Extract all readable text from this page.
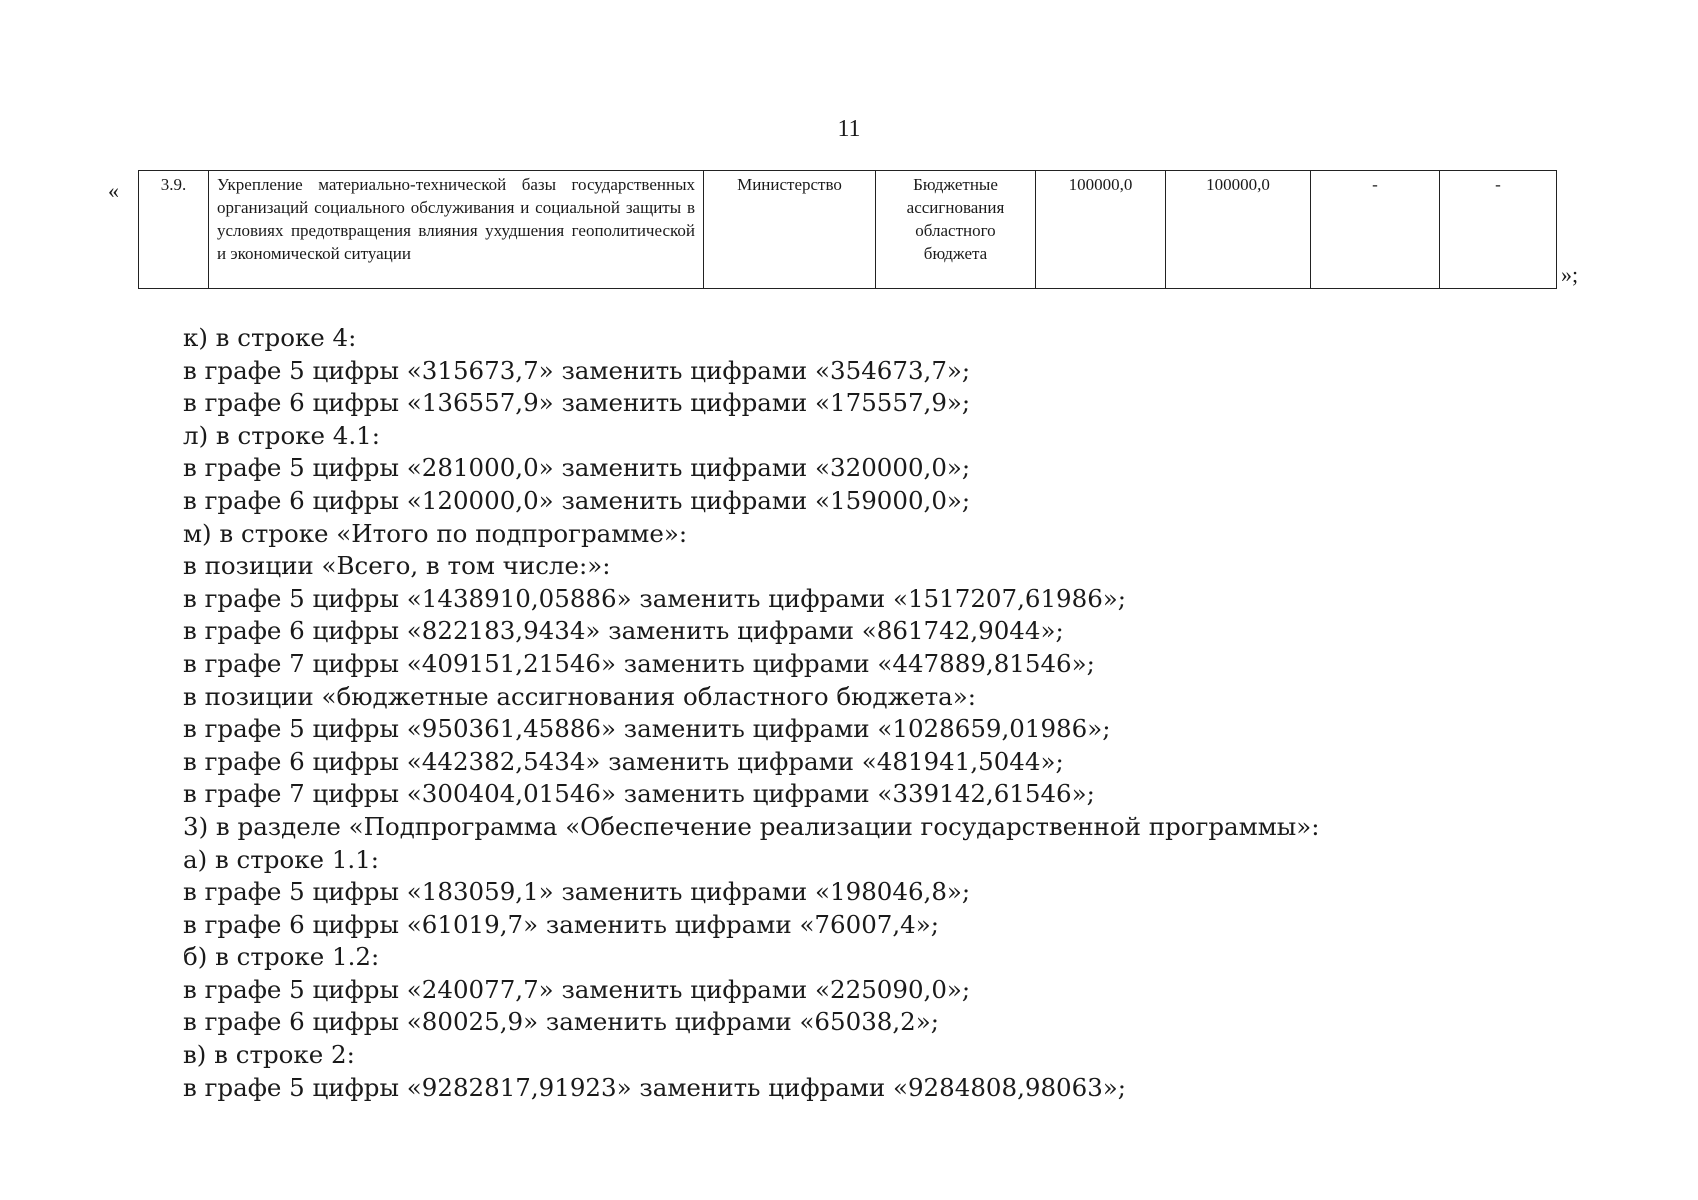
11
« 3.9.	Укрепление материально-технической базы государственных организаций социального обслуживания и социальной защиты в условиях предотвращения влияния ухудшения геополитической и экономической ситуации	Министерство	Бюджетные ассигнования областного бюджета	100000,0	100000,0	-	-
»;
к) в строке 4:
в графе 5 цифры «315673,7» заменить цифрами «354673,7»;
в графе 6 цифры «136557,9» заменить цифрами «175557,9»;
л) в строке 4.1:
в графе 5 цифры «281000,0» заменить цифрами «320000,0»;
в графе 6 цифры «120000,0» заменить цифрами «159000,0»;
м) в строке «Итого по подпрограмме»:
в позиции «Всего, в том числе:»:
в графе 5 цифры «1438910,05886» заменить цифрами «1517207,61986»;
в графе 6 цифры «822183,9434» заменить цифрами «861742,9044»;
в графе 7 цифры «409151,21546» заменить цифрами «447889,81546»;
в позиции «бюджетные ассигнования областного бюджета»:
в графе 5 цифры «950361,45886» заменить цифрами «1028659,01986»;
в графе 6 цифры «442382,5434» заменить цифрами «481941,5044»;
в графе 7 цифры «300404,01546» заменить цифрами «339142,61546»;
3) в разделе «Подпрограмма «Обеспечение реализации государственной программы»:
а) в строке 1.1:
в графе 5 цифры «183059,1» заменить цифрами «198046,8»;
в графе 6 цифры «61019,7» заменить цифрами «76007,4»;
б) в строке 1.2:
в графе 5 цифры «240077,7» заменить цифрами «225090,0»;
в графе 6 цифры «80025,9» заменить цифрами «65038,2»;
в) в строке 2:
в графе 5 цифры «9282817,91923» заменить цифрами «9284808,98063»;
